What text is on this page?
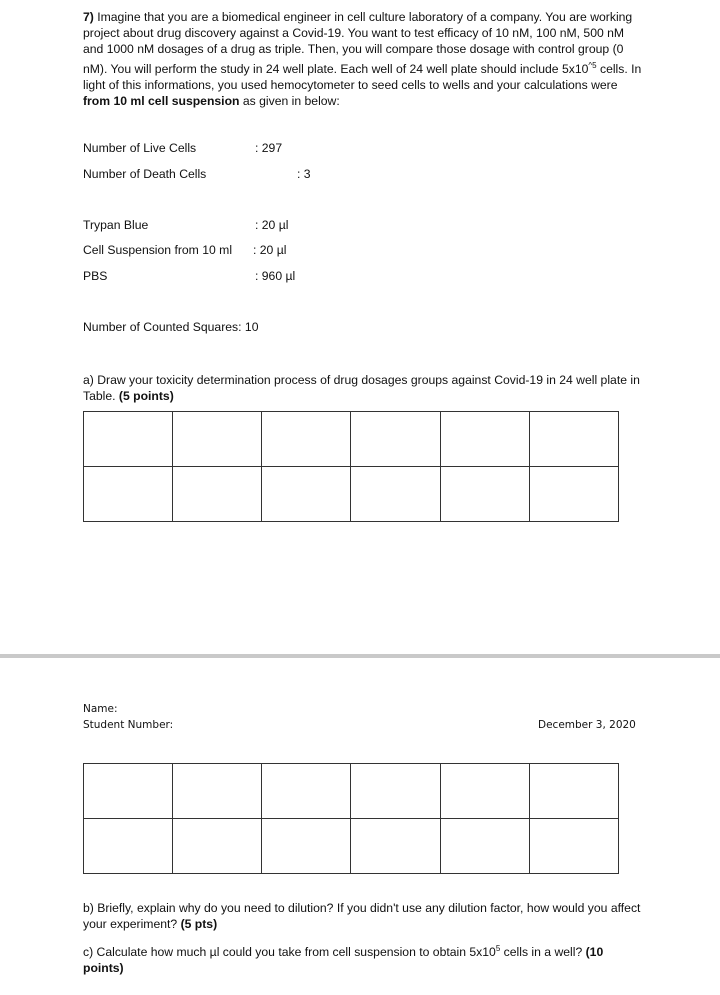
7) Imagine that you are a biomedical engineer in cell culture laboratory of a company. You are working project about drug discovery against a Covid-19. You want to test efficacy of 10 nM, 100 nM, 500 nM and 1000 nM dosages of a drug as triple. Then, you will compare those dosage with control group (0 nM). You will perform the study in 24 well plate. Each well of 24 well plate should include $5x10^{\^{}5}$ cells. In light of this informations, you used hemocytometer to seed cells to wells and your calculations were from 10 ml cell suspension as given in below:
Number of Live Cells	: 297
Number of Death Cells	: 3
Trypan Blue	: 20 µl
Cell Suspension from 10 ml : 20 µl
PBS	: 960 µl
Number of Counted Squares: 10
a) Draw your toxicity determination process of drug dosages groups against Covid-19 in 24 well plate in Table. (5 points)

Name:
Student Number:	December 3, 2020

b) Briefly, explain why do you need to dilution? If you didn't use any dilution factor, how would you affect your experiment? (5 pts)
c) Calculate how much µl could you take from cell suspension to obtain $5x10^5$ cells in a well? (10 points)
